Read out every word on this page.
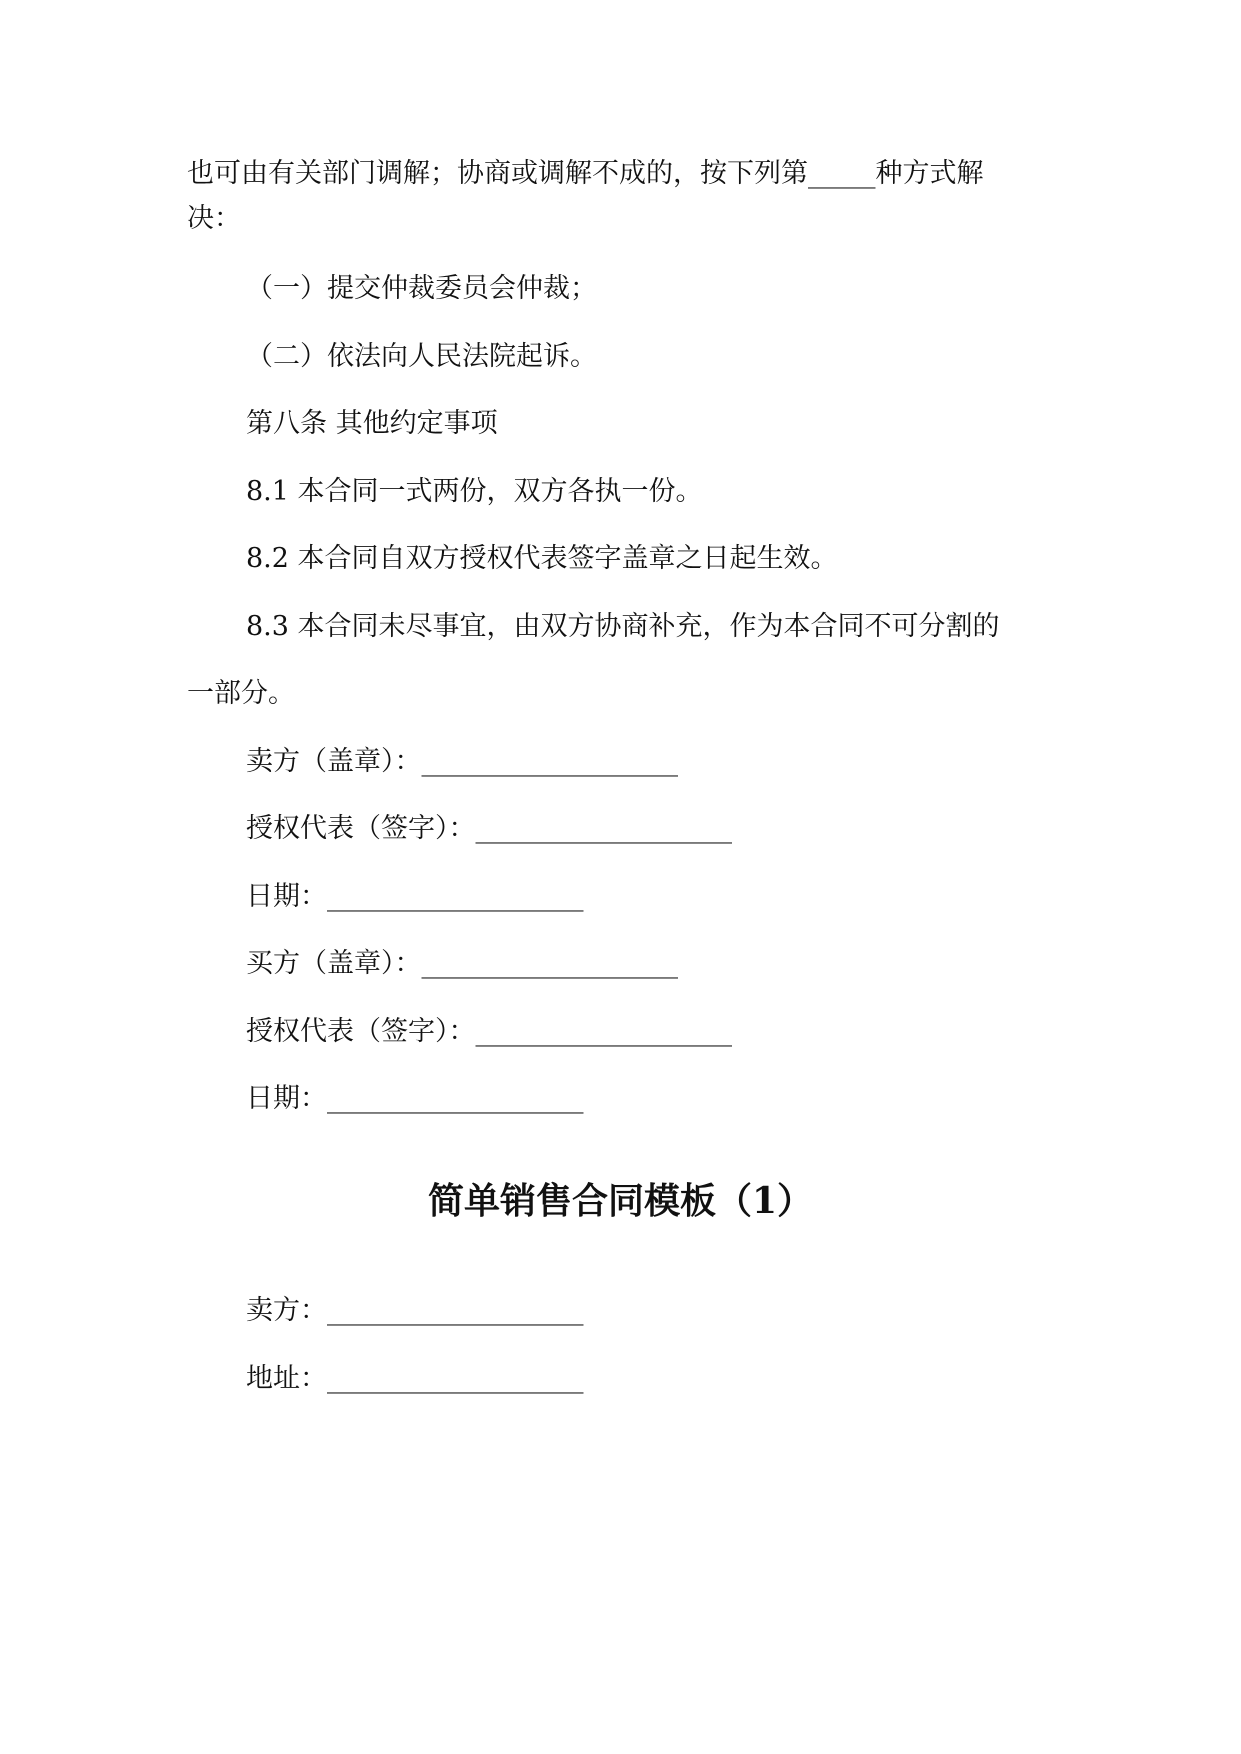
也可由有关部门调解；协商或调解不成的，按下列第_____种方式解
决：
（一）提交仲裁委员会仲裁；
（二）依法向人民法院起诉。
第八条 其他约定事项
8.1 本合同一式两份，双方各执一份。
8.2 本合同自双方授权代表签字盖章之日起生效。
8.3 本合同未尽事宜，由双方协商补充，作为本合同不可分割的
一部分。
卖方（盖章）：___________________
授权代表（签字）：___________________
日期：___________________
买方（盖章）：___________________
授权代表（签字）：___________________
日期：___________________
简单销售合同模板（1）
卖方：___________________
地址：___________________
